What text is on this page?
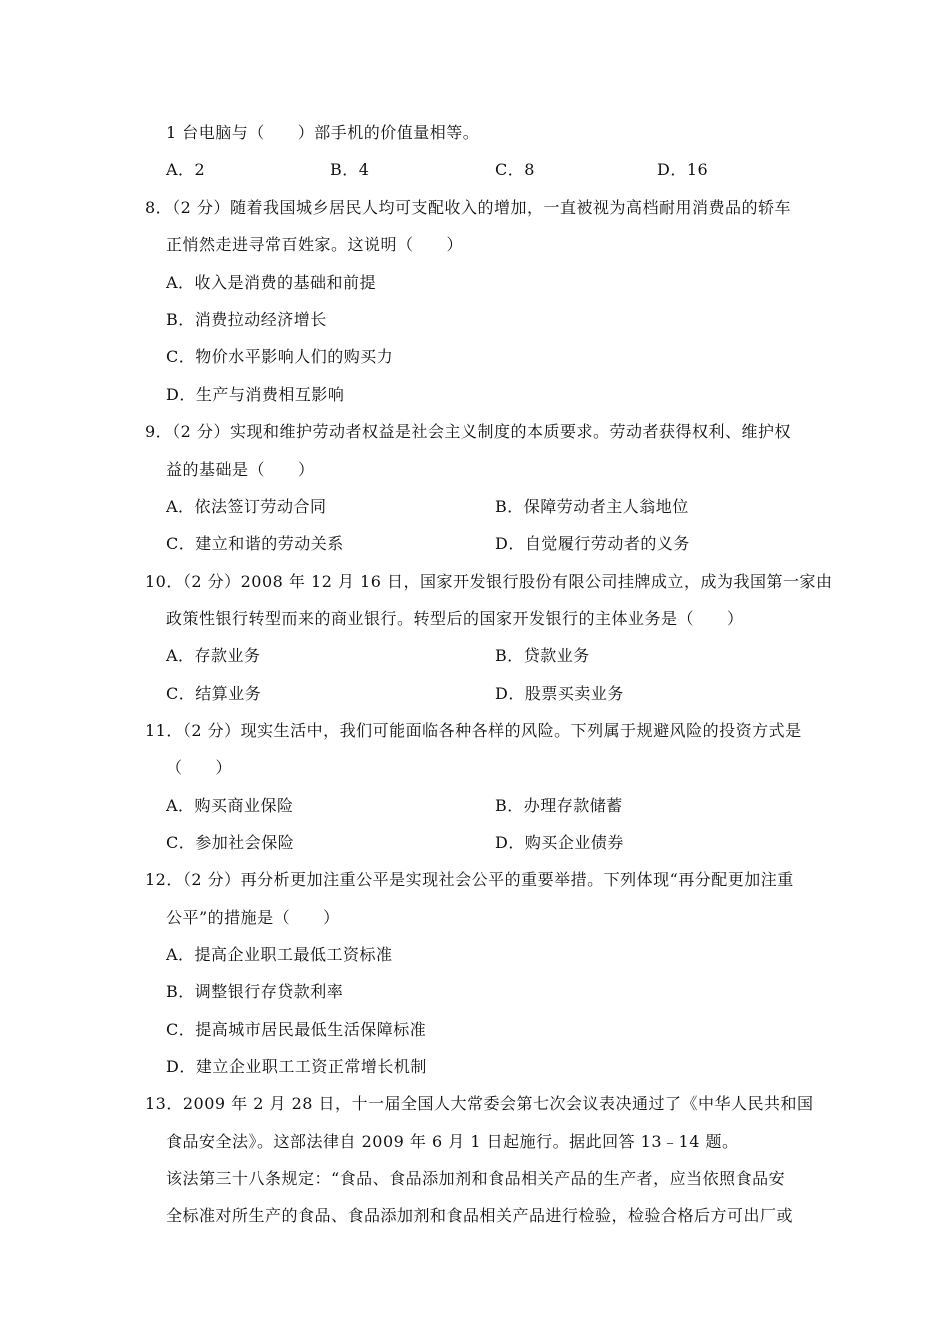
1 台电脑与（　　）部手机的价值量相等。
A．2	B．4	C．8	D．16
8．（2 分）随着我国城乡居民人均可支配收入的增加，一直被视为高档耐用消费品的轿车
正悄然走进寻常百姓家。这说明（　　）
A．收入是消费的基础和前提
B．消费拉动经济增长
C．物价水平影响人们的购买力
D．生产与消费相互影响
9．（2 分）实现和维护劳动者权益是社会主义制度的本质要求。劳动者获得权利、维护权
益的基础是（　　）
A．依法签订劳动合同	B．保障劳动者主人翁地位
C．建立和谐的劳动关系	D．自觉履行劳动者的义务
10．（2 分）2008 年 12 月 16 日，国家开发银行股份有限公司挂牌成立，成为我国第一家由
政策性银行转型而来的商业银行。转型后的国家开发银行的主体业务是（　　）
A．存款业务	B．贷款业务
C．结算业务	D．股票买卖业务
11．（2 分）现实生活中，我们可能面临各种各样的风险。下列属于规避风险的投资方式是
（　　）
A．购买商业保险	B．办理存款储蓄
C．参加社会保险	D．购买企业债券
12．（2 分）再分析更加注重公平是实现社会公平的重要举措。下列体现“再分配更加注重
公平”的措施是（　　）
A．提高企业职工最低工资标准
B．调整银行存贷款利率
C．提高城市居民最低生活保障标准
D．建立企业职工工资正常增长机制
13．2009 年 2 月 28 日，十一届全国人大常委会第七次会议表决通过了《中华人民共和国
食品安全法》。这部法律自 2009 年 6 月 1 日起施行。据此回答 13﹣14 题。
该法第三十八条规定：“食品、食品添加剂和食品相关产品的生产者，应当依照食品安
全标准对所生产的食品、食品添加剂和食品相关产品进行检验，检验合格后方可出厂或
